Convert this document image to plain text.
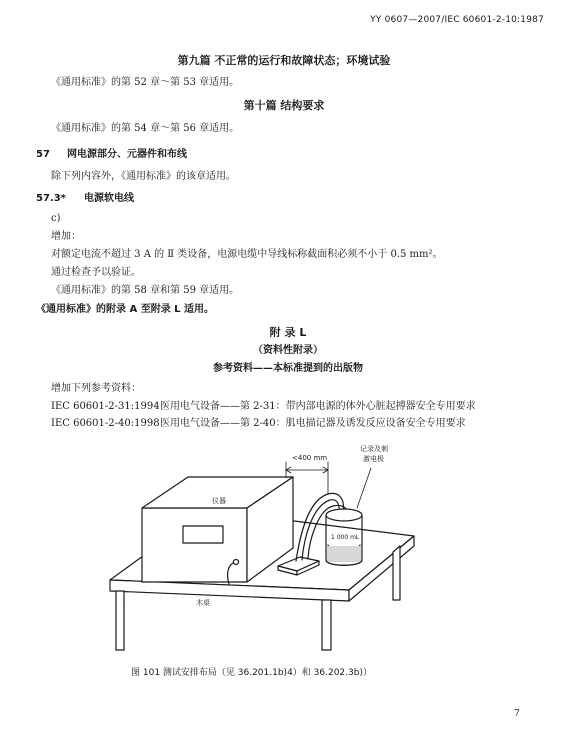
YY 0607—2007/IEC 60601-2-10:1987
第九篇 不正常的运行和故障状态；环境试验
《通用标准》的第 52 章～第 53 章适用。
第十篇 结构要求
《通用标准》的第 54 章～第 56 章适用。
57 网电源部分、元器件和布线
除下列内容外，《通用标准》的该章适用。
57.3* 电源软电线
c)
增加：
对额定电流不超过 3 A 的 Ⅱ 类设备，电源电缆中导线标称截面积必须不小于 0.5 mm²。
通过检查予以验证。
《通用标准》的第 58 章和第 59 章适用。
《通用标准》的附录 A 至附录 L 适用。
附 录 L
（资料性附录）
参考资料——本标准提到的出版物
增加下列参考资料：
IEC 60601-2-31:1994 医用电气设备——第 2-31：带内部电源的体外心脏起搏器安全专用要求
IEC 60601-2-40:1998 医用电气设备——第 2-40：肌电描记器及诱发反应设备安全专用要求
<400 mm
记录及刺
激电极
仪器
1 000 mL
木桌
图 101 测试安排布局（见 36.201.1b)4）和 36.202.3b)）
7
